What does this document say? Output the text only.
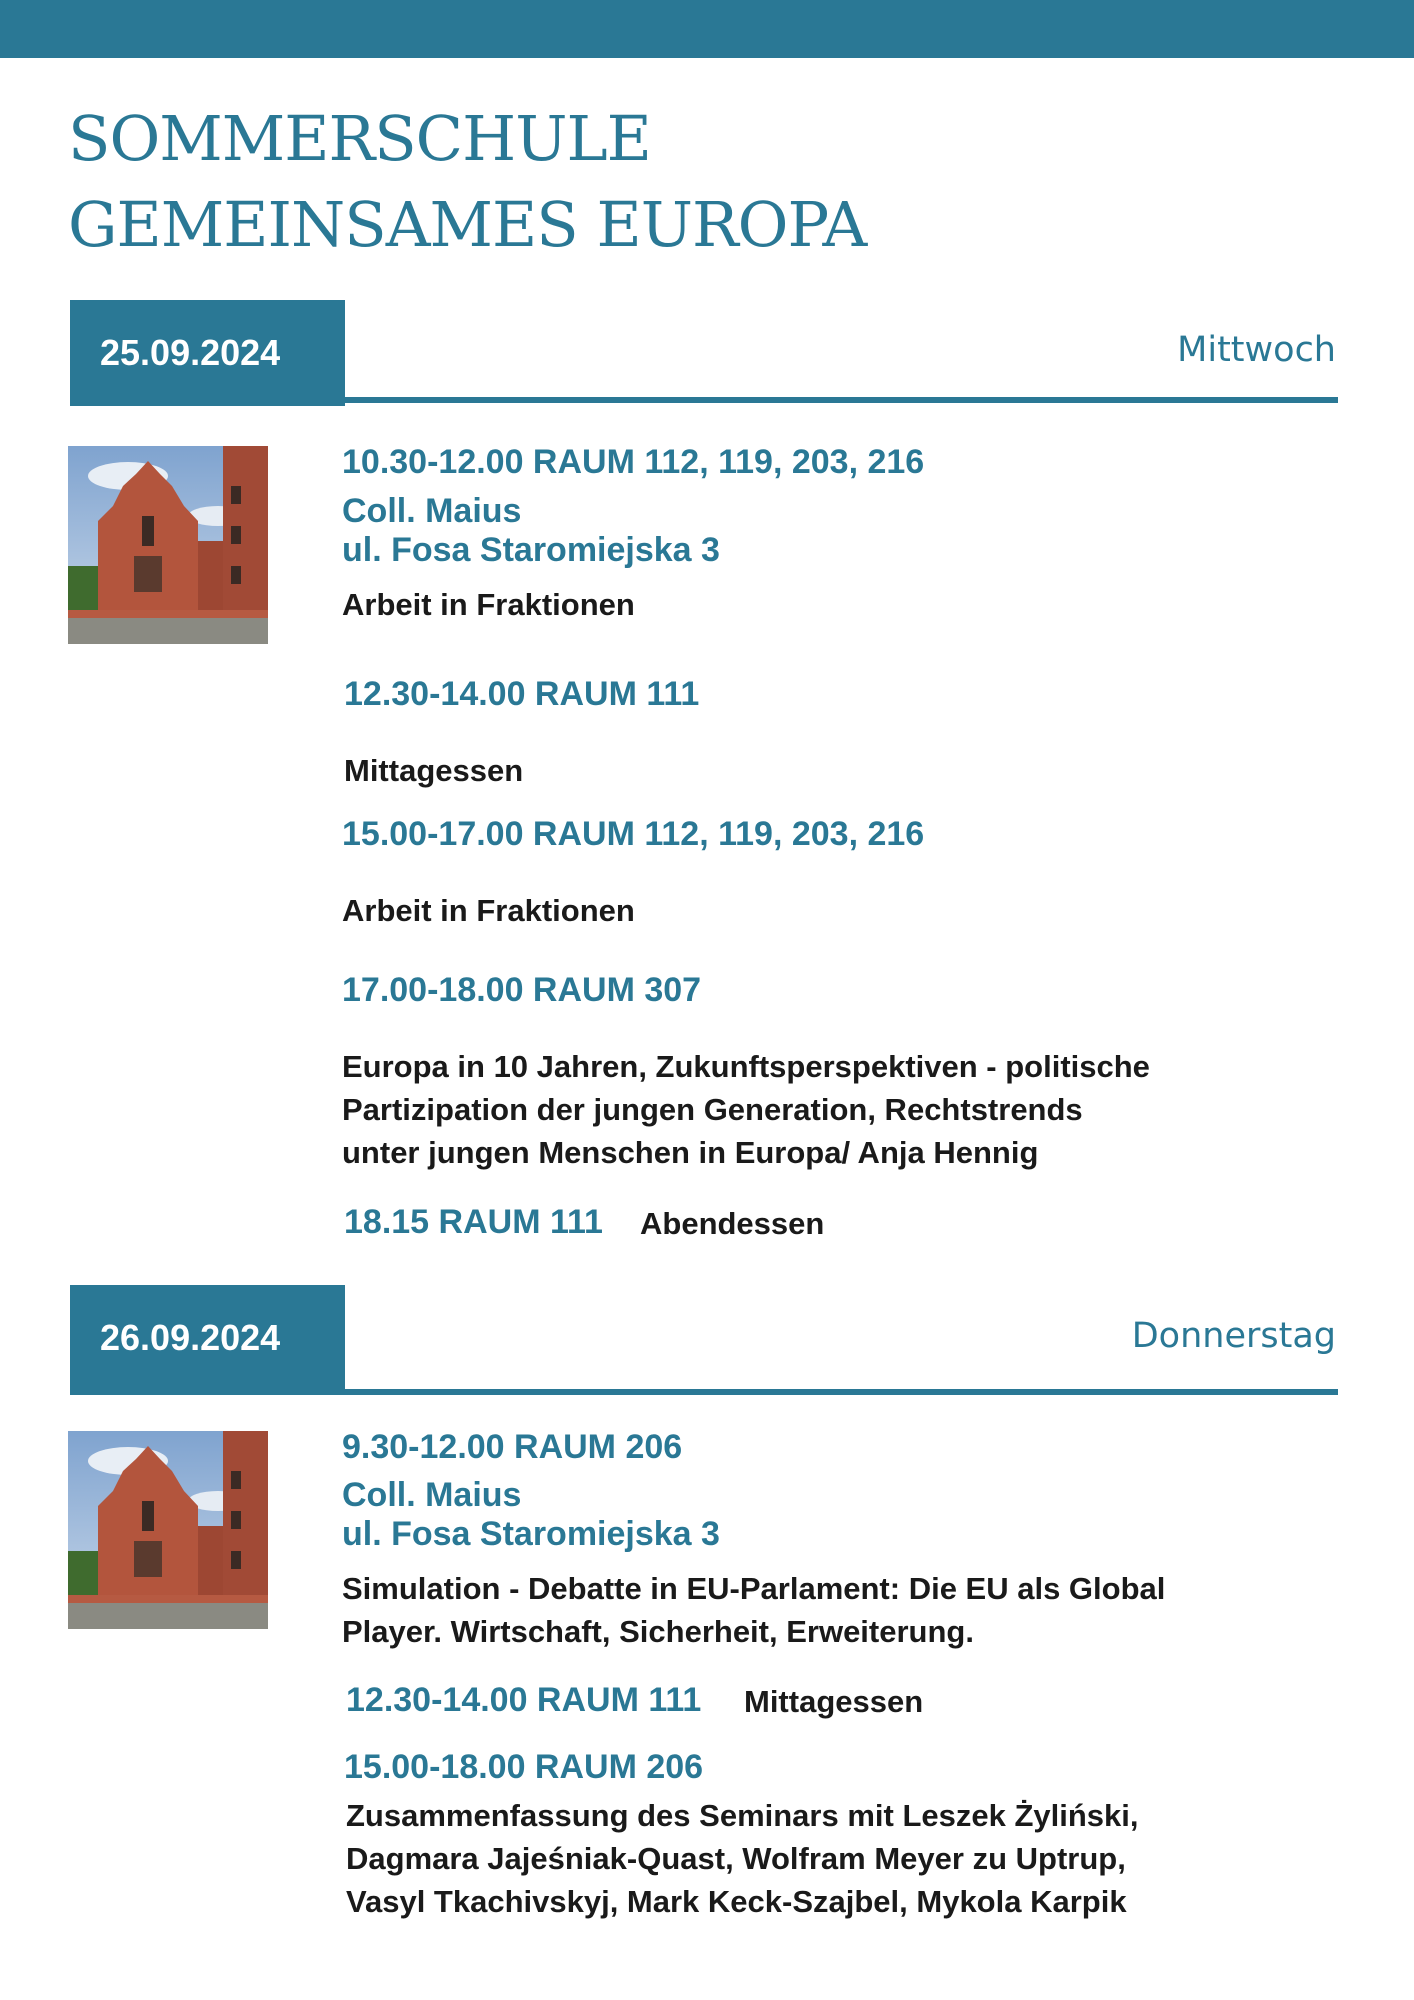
SOMMERSCHULE
GEMEINSAMES EUROPA
25.09.2024	Mittwoch
10.30-12.00 RAUM 112, 119, 203, 216
Coll. Maius
ul. Fosa Staromiejska 3
Arbeit in Fraktionen
12.30-14.00 RAUM 111
Mittagessen
15.00-17.00 RAUM 112, 119, 203, 216
Arbeit in Fraktionen
17.00-18.00 RAUM 307
Europa in 10 Jahren, Zukunftsperspektiven - politische
Partizipation der jungen Generation, Rechtstrends
unter jungen Menschen in Europa/ Anja Hennig
18.15 RAUM 111 Abendessen
26.09.2024	Donnerstag
9.30-12.00 RAUM 206
Coll. Maius
ul. Fosa Staromiejska 3
Simulation - Debatte in EU-Parlament: Die EU als Global
Player. Wirtschaft, Sicherheit, Erweiterung.
12.30-14.00 RAUM 111 Mittagessen
15.00-18.00 RAUM 206
Zusammenfassung des Seminars mit Leszek Żyliński,
Dagmara Jajeśniak-Quast, Wolfram Meyer zu Uptrup,
Vasyl Tkachivskyj, Mark Keck-Szajbel, Mykola Karpik
